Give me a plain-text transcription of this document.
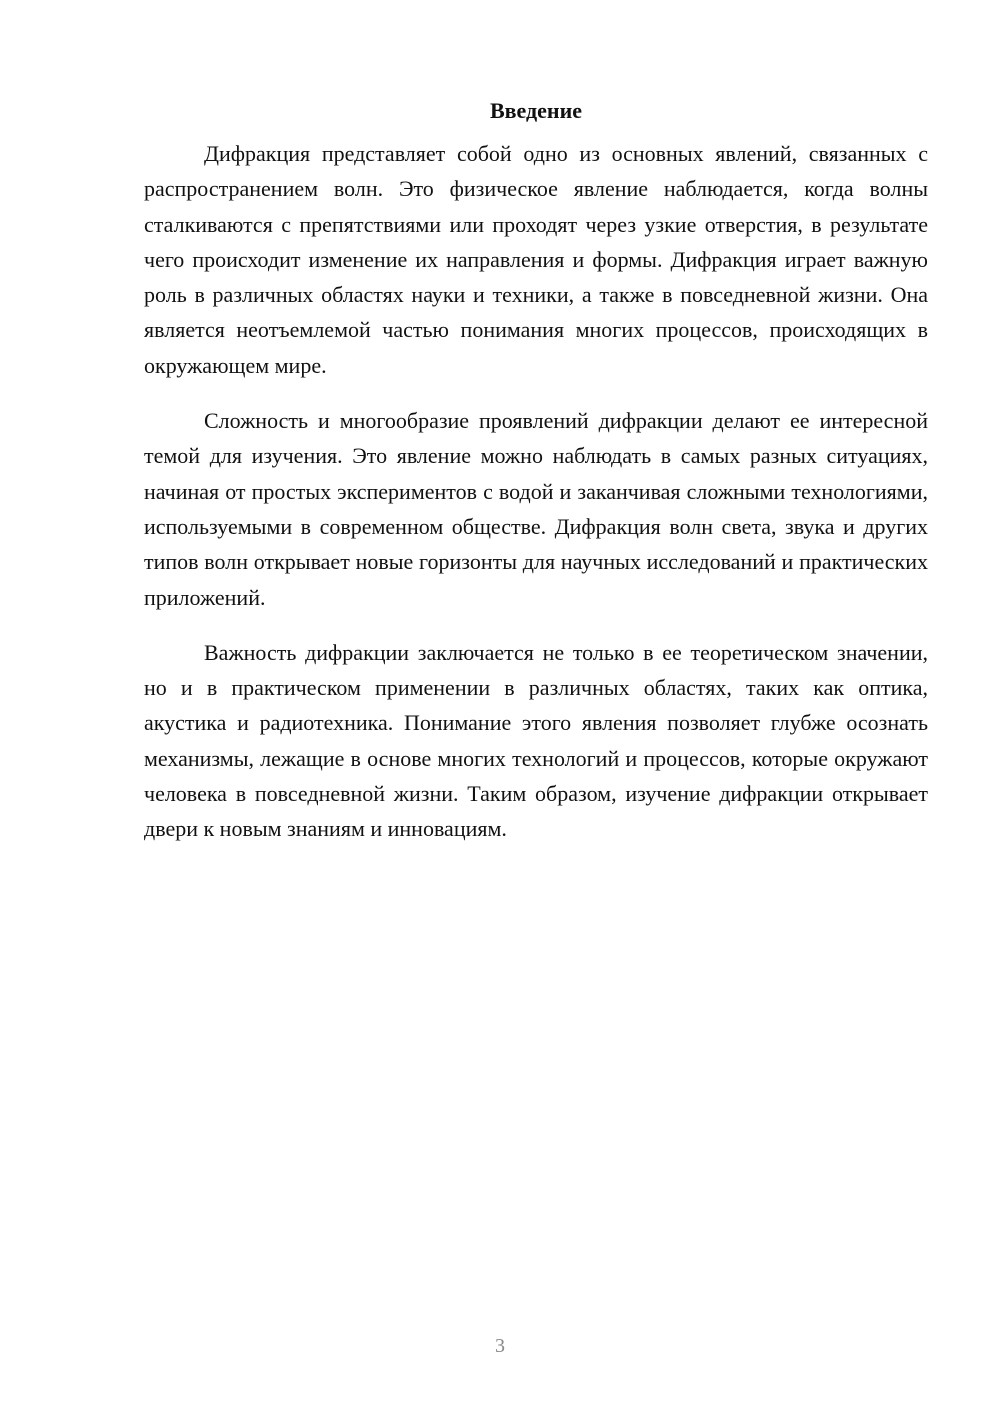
Введение

Дифракция представляет собой одно из основных явлений, связанных с распространением волн. Это физическое явление наблюдается, когда волны сталкиваются с препятствиями или проходят через узкие отверстия, в результате чего происходит изменение их направления и формы. Дифракция играет важную роль в различных областях науки и техники, а также в повседневной жизни. Она является неотъемлемой частью понимания многих процессов, происходящих в окружающем мире.

Сложность и многообразие проявлений дифракции делают ее интересной темой для изучения. Это явление можно наблюдать в самых разных ситуациях, начиная от простых экспериментов с водой и заканчивая сложными технологиями, используемыми в современном обществе. Дифракция волн света, звука и других типов волн открывает новые горизонты для научных исследований и практических приложений.

Важность дифракции заключается не только в ее теоретическом значении, но и в практическом применении в различных областях, таких как оптика, акустика и радиотехника. Понимание этого явления позволяет глубже осознать механизмы, лежащие в основе многих технологий и процессов, которые окружают человека в повседневной жизни. Таким образом, изучение дифракции открывает двери к новым знаниям и инновациям.

3
